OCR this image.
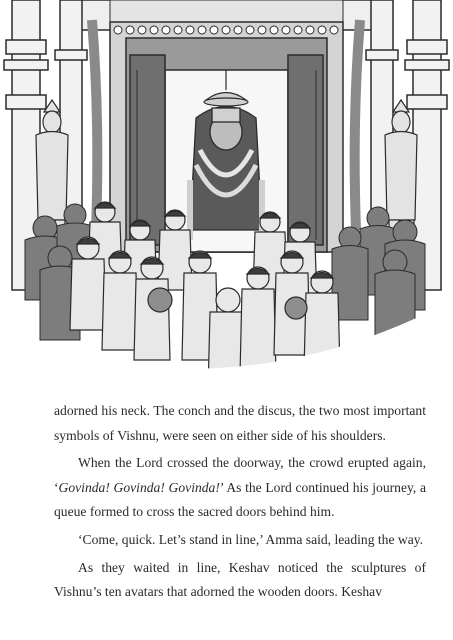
adorned his neck. The conch and the discus, the two most important symbols of Vishnu, were seen on either side of his shoulders.

When the Lord crossed the doorway, the crowd erupted again, ‘Govinda! Govinda! Govinda!’ As the Lord continued his journey, a queue formed to cross the sacred doors behind him.

‘Come, quick. Let’s stand in line,’ Amma said, leading the way.

As they waited in line, Keshav noticed the sculptures of Vishnu’s ten avatars that adorned the wooden doors. Keshav
